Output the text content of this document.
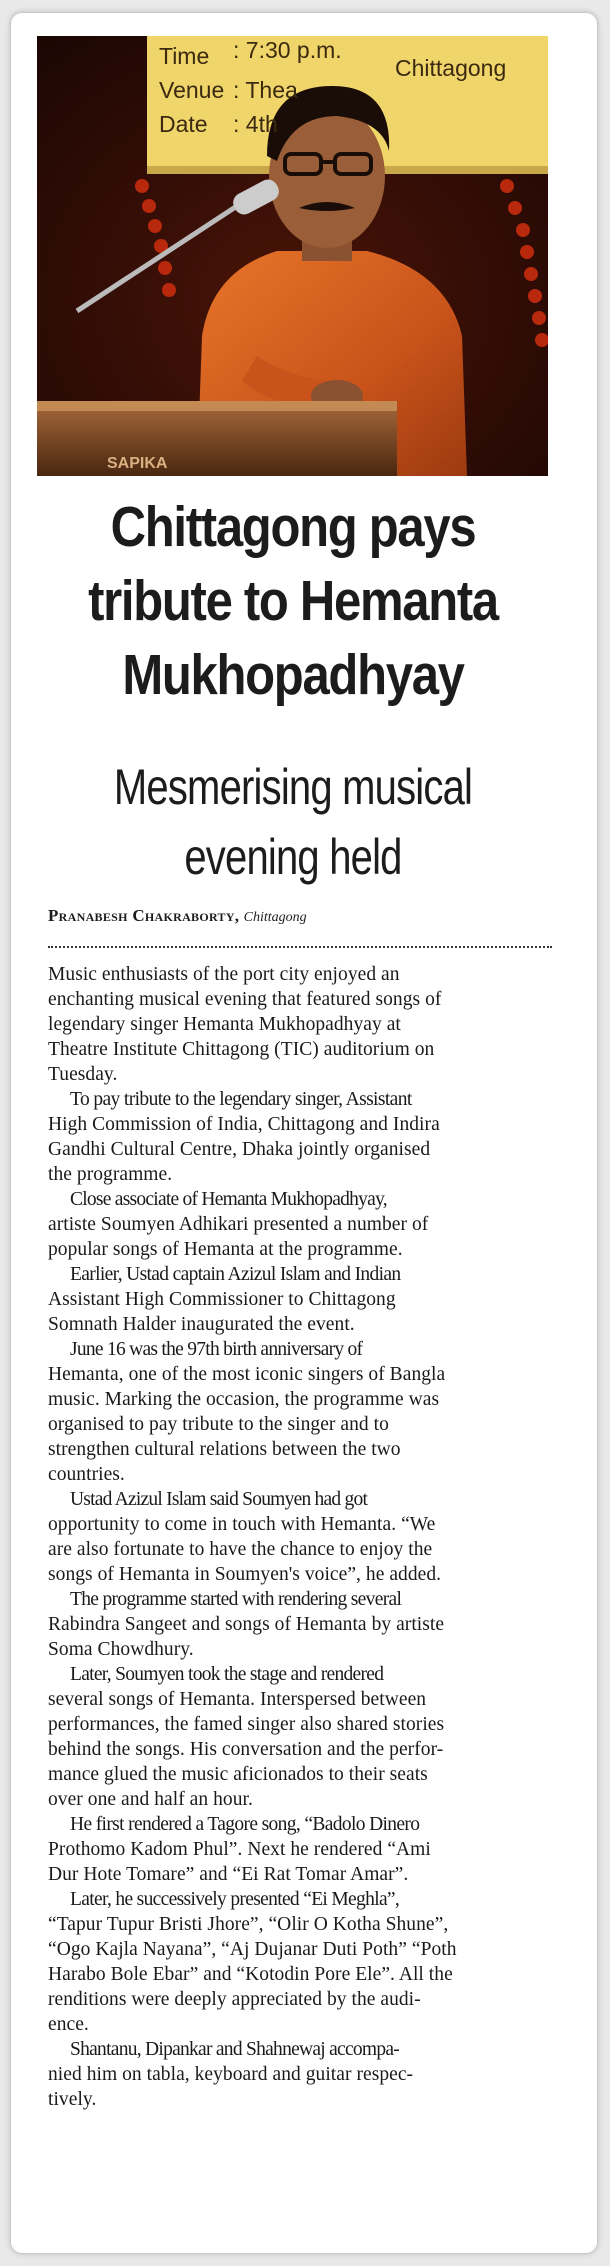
SAPIKA
Time : 7:30 p.m.
Venue : Thea
Chittagong
Date : 4th
Chittagong pays
tribute to Hemanta
Mukhopadhyay
Mesmerising musical
evening held
Pranabesh Chakraborty, Chittagong
Music enthusiasts of the port city enjoyed an
enchanting musical evening that featured songs of
legendary singer Hemanta Mukhopadhyay at
Theatre Institute Chittagong (TIC) auditorium on
Tuesday.
To pay tribute to the legendary singer, Assistant
High Commission of India, Chittagong and Indira
Gandhi Cultural Centre, Dhaka jointly organised
the programme.
Close associate of Hemanta Mukhopadhyay,
artiste Soumyen Adhikari presented a number of
popular songs of Hemanta at the programme.
Earlier, Ustad captain Azizul Islam and Indian
Assistant High Commissioner to Chittagong
Somnath Halder inaugurated the event.
June 16 was the 97th birth anniversary of
Hemanta, one of the most iconic singers of Bangla
music. Marking the occasion, the programme was
organised to pay tribute to the singer and to
strengthen cultural relations between the two
countries.
Ustad Azizul Islam said Soumyen had got
opportunity to come in touch with Hemanta. “We
are also fortunate to have the chance to enjoy the
songs of Hemanta in Soumyen's voice”, he added.
The programme started with rendering several
Rabindra Sangeet and songs of Hemanta by artiste
Soma Chowdhury.
Later, Soumyen took the stage and rendered
several songs of Hemanta. Interspersed between
performances, the famed singer also shared stories
behind the songs. His conversation and the perfor-
mance glued the music aficionados to their seats
over one and half an hour.
He first rendered a Tagore song, “Badolo Dinero
Prothomo Kadom Phul”. Next he rendered “Ami
Dur Hote Tomare” and “Ei Rat Tomar Amar”.
Later, he successively presented “Ei Meghla”,
“Tapur Tupur Bristi Jhore”, “Olir O Kotha Shune”,
“Ogo Kajla Nayana”, “Aj Dujanar Duti Poth” “Poth
Harabo Bole Ebar” and “Kotodin Pore Ele”. All the
renditions were deeply appreciated by the audi-
ence.
Shantanu, Dipankar and Shahnewaj accompa-
nied him on tabla, keyboard and guitar respec-
tively.
